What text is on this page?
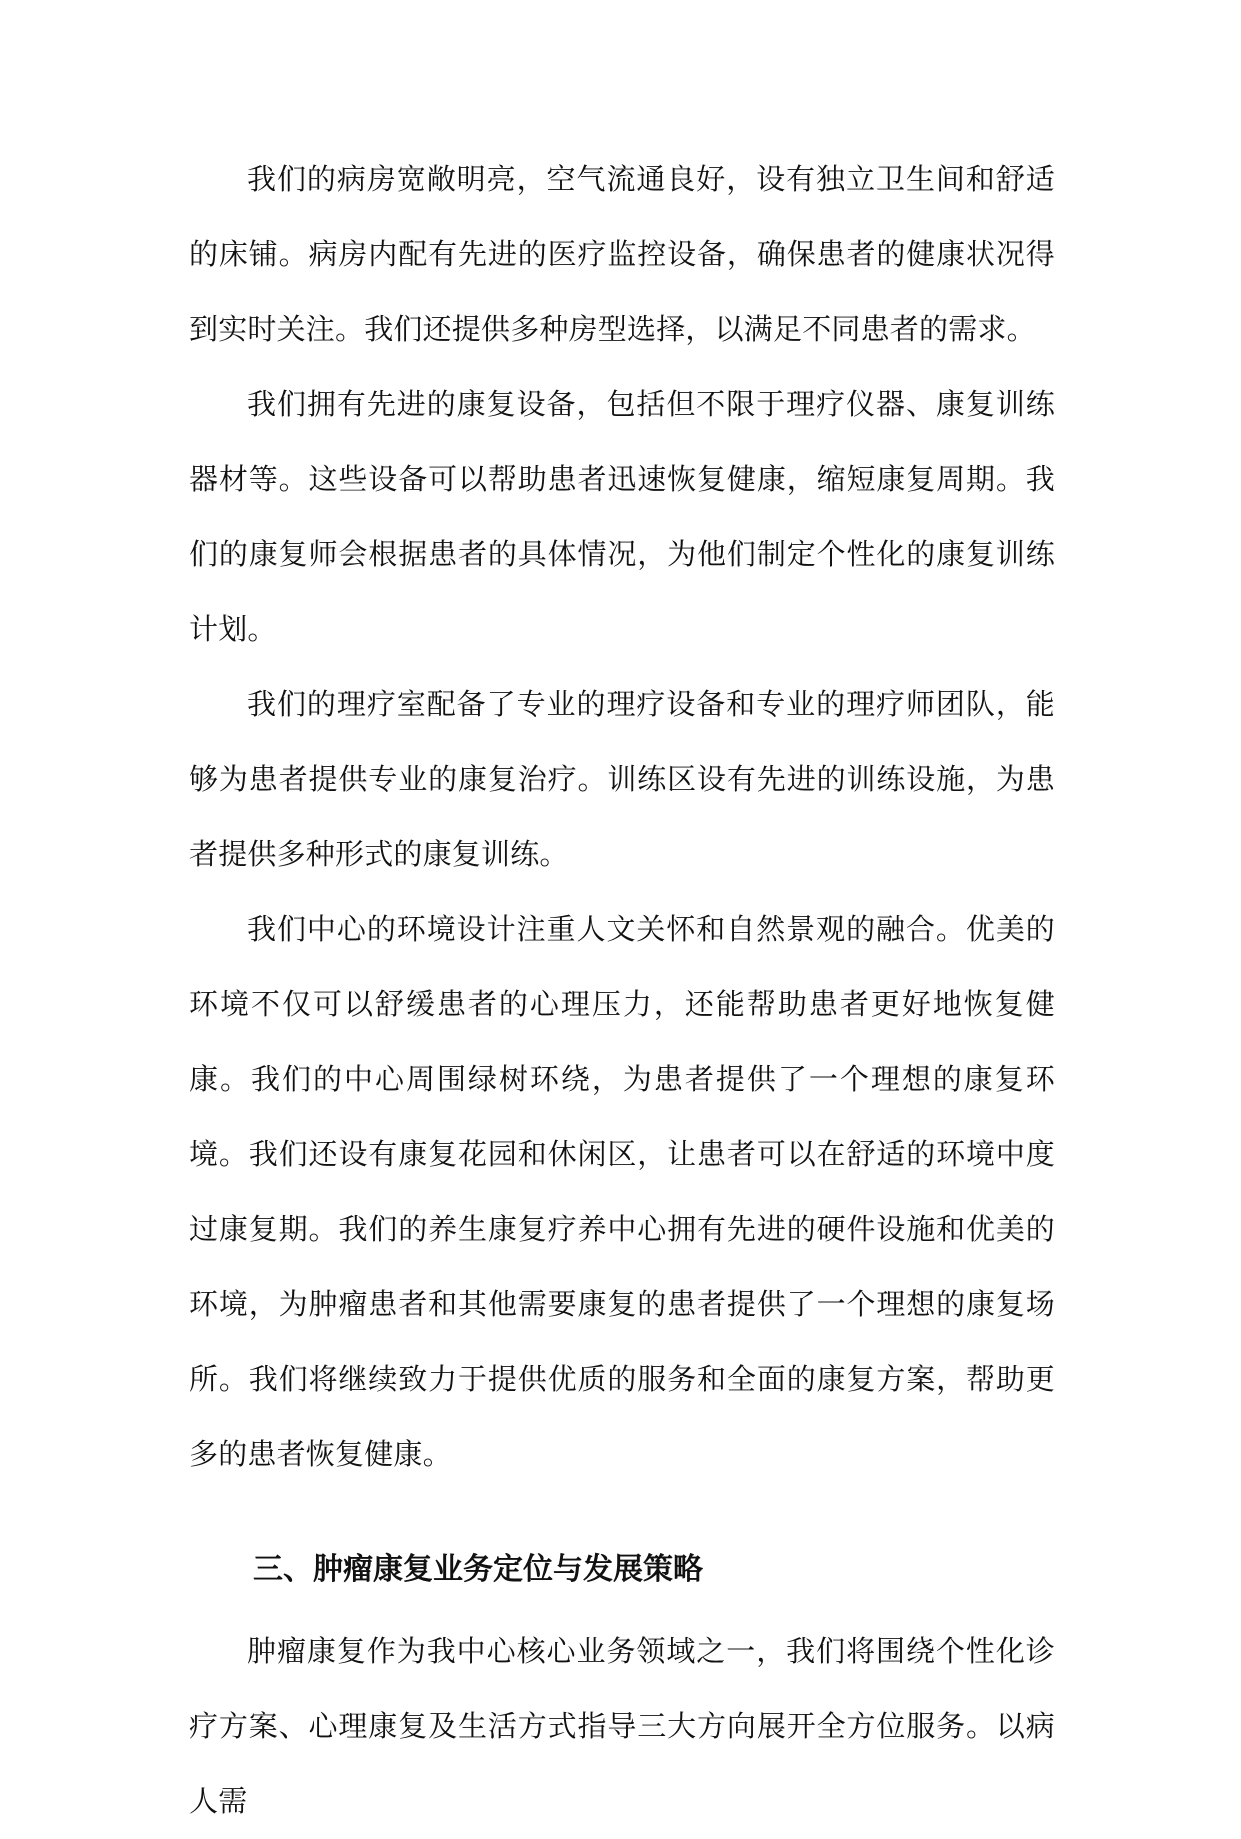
我们的病房宽敞明亮，空气流通良好，设有独立卫生间和舒适的床铺。病房内配有先进的医疗监控设备，确保患者的健康状况得到实时关注。我们还提供多种房型选择，以满足不同患者的需求。

我们拥有先进的康复设备，包括但不限于理疗仪器、康复训练器材等。这些设备可以帮助患者迅速恢复健康，缩短康复周期。我们的康复师会根据患者的具体情况，为他们制定个性化的康复训练计划。

我们的理疗室配备了专业的理疗设备和专业的理疗师团队，能够为患者提供专业的康复治疗。训练区设有先进的训练设施，为患者提供多种形式的康复训练。

我们中心的环境设计注重人文关怀和自然景观的融合。优美的环境不仅可以舒缓患者的心理压力，还能帮助患者更好地恢复健康。我们的中心周围绿树环绕，为患者提供了一个理想的康复环境。我们还设有康复花园和休闲区，让患者可以在舒适的环境中度过康复期。我们的养生康复疗养中心拥有先进的硬件设施和优美的环境，为肿瘤患者和其他需要康复的患者提供了一个理想的康复场所。我们将继续致力于提供优质的服务和全面的康复方案，帮助更多的患者恢复健康。

三、肿瘤康复业务定位与发展策略

肿瘤康复作为我中心核心业务领域之一，我们将围绕个性化诊疗方案、心理康复及生活方式指导三大方向展开全方位服务。以病人需
